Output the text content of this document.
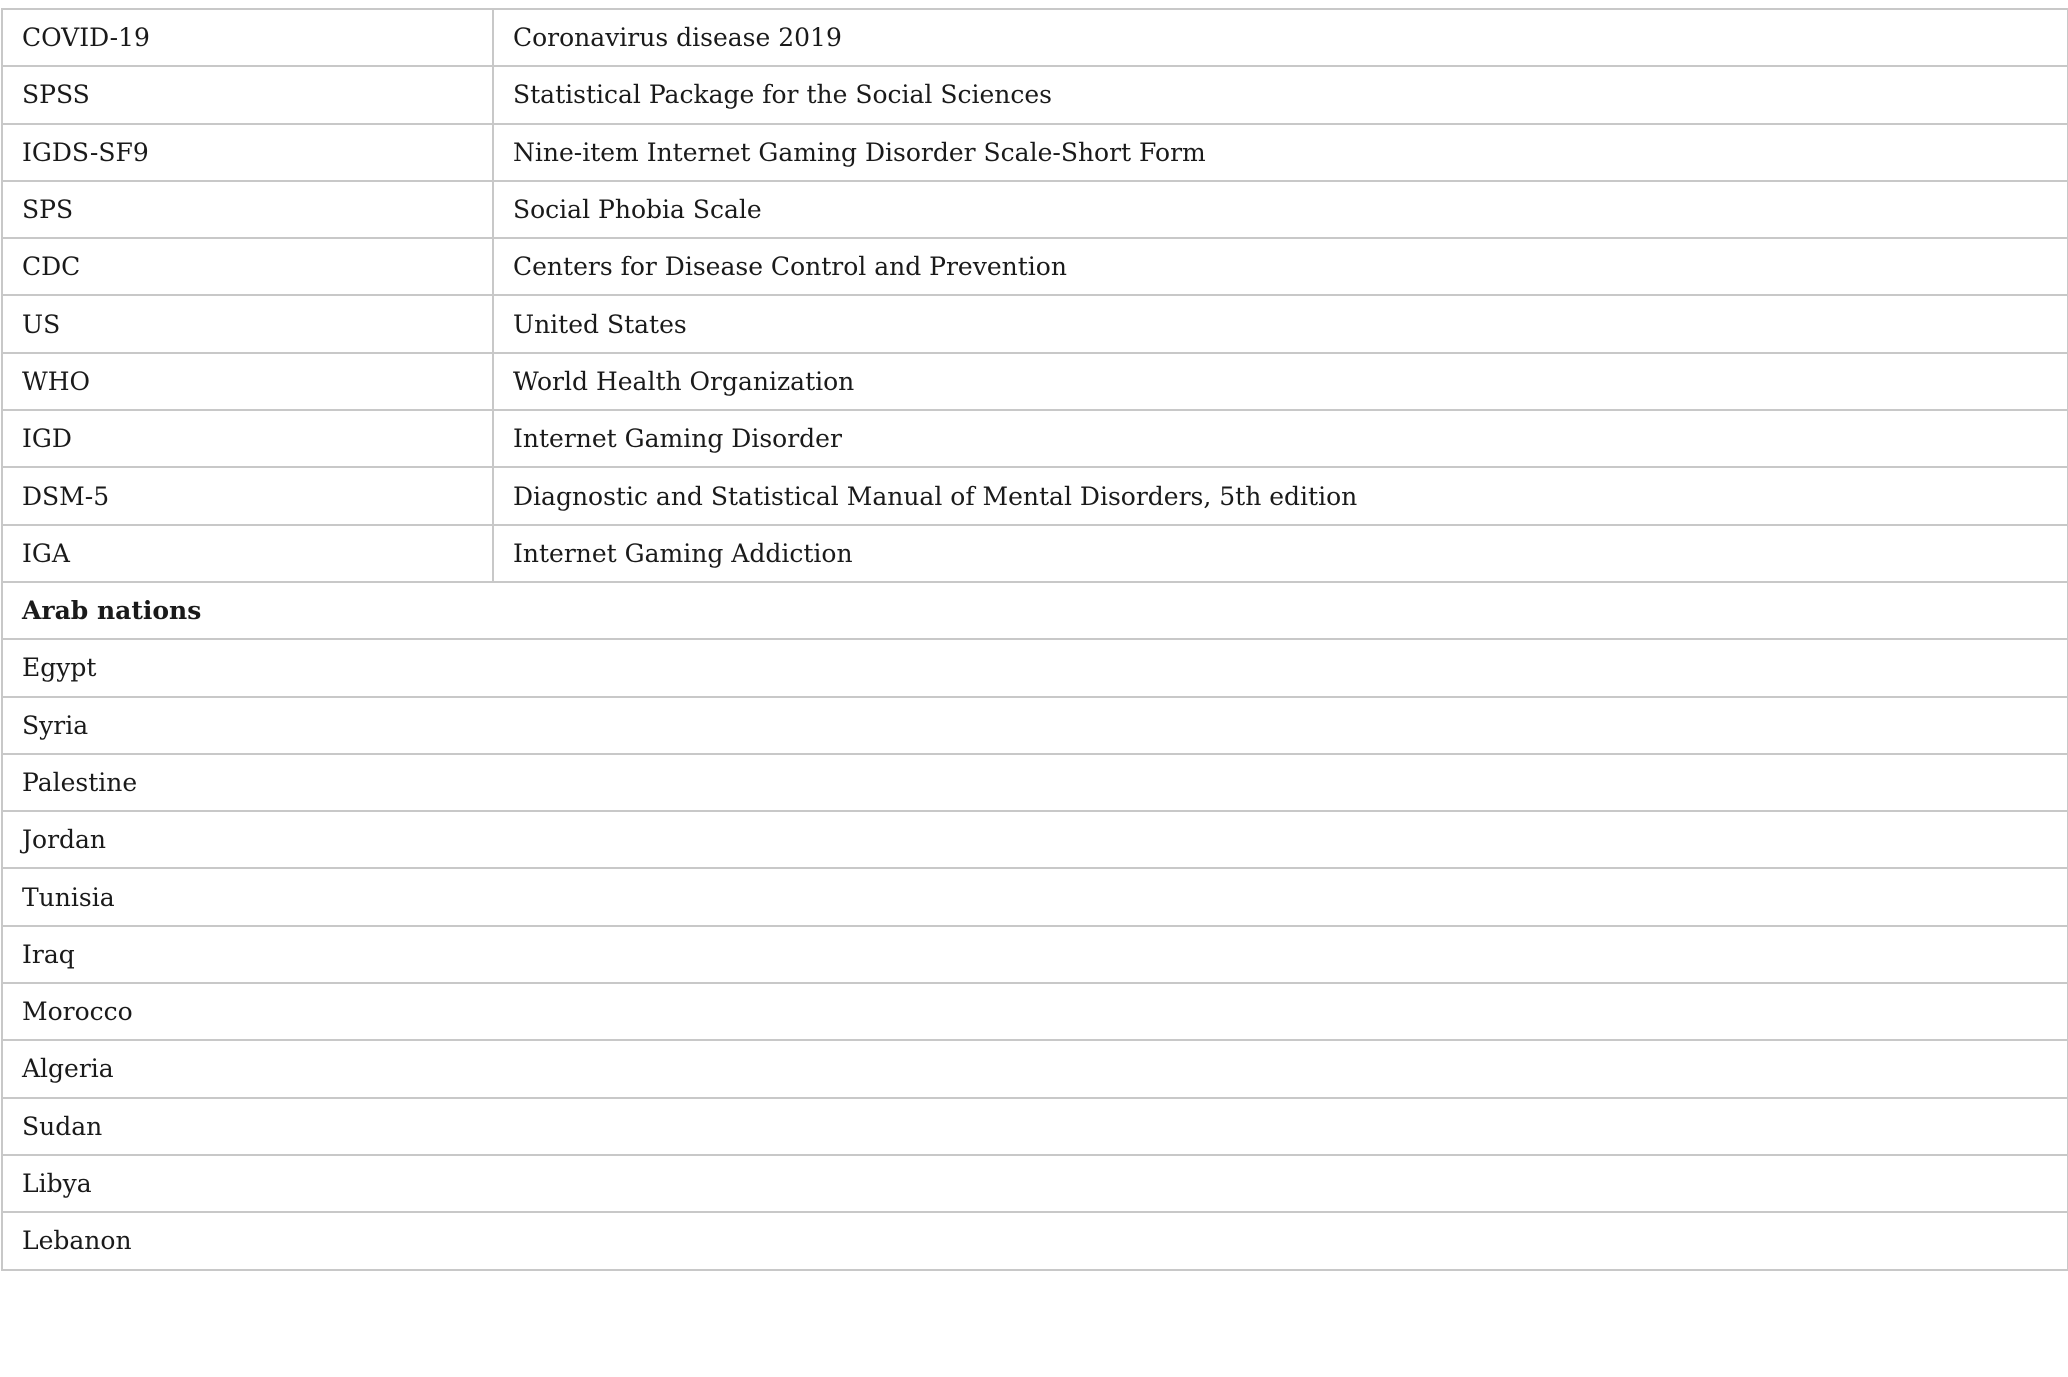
COVID-19	Coronavirus disease 2019
SPSS	Statistical Package for the Social Sciences
IGDS-SF9	Nine-item Internet Gaming Disorder Scale-Short Form
SPS	Social Phobia Scale
CDC	Centers for Disease Control and Prevention
US	United States
WHO	World Health Organization
IGD	Internet Gaming Disorder
DSM-5	Diagnostic and Statistical Manual of Mental Disorders, 5th edition
IGA	Internet Gaming Addiction
Arab nations	
Egypt	
Syria	
Palestine	
Jordan	
Tunisia	
Iraq	
Morocco	
Algeria	
Sudan	
Libya	
Lebanon	
